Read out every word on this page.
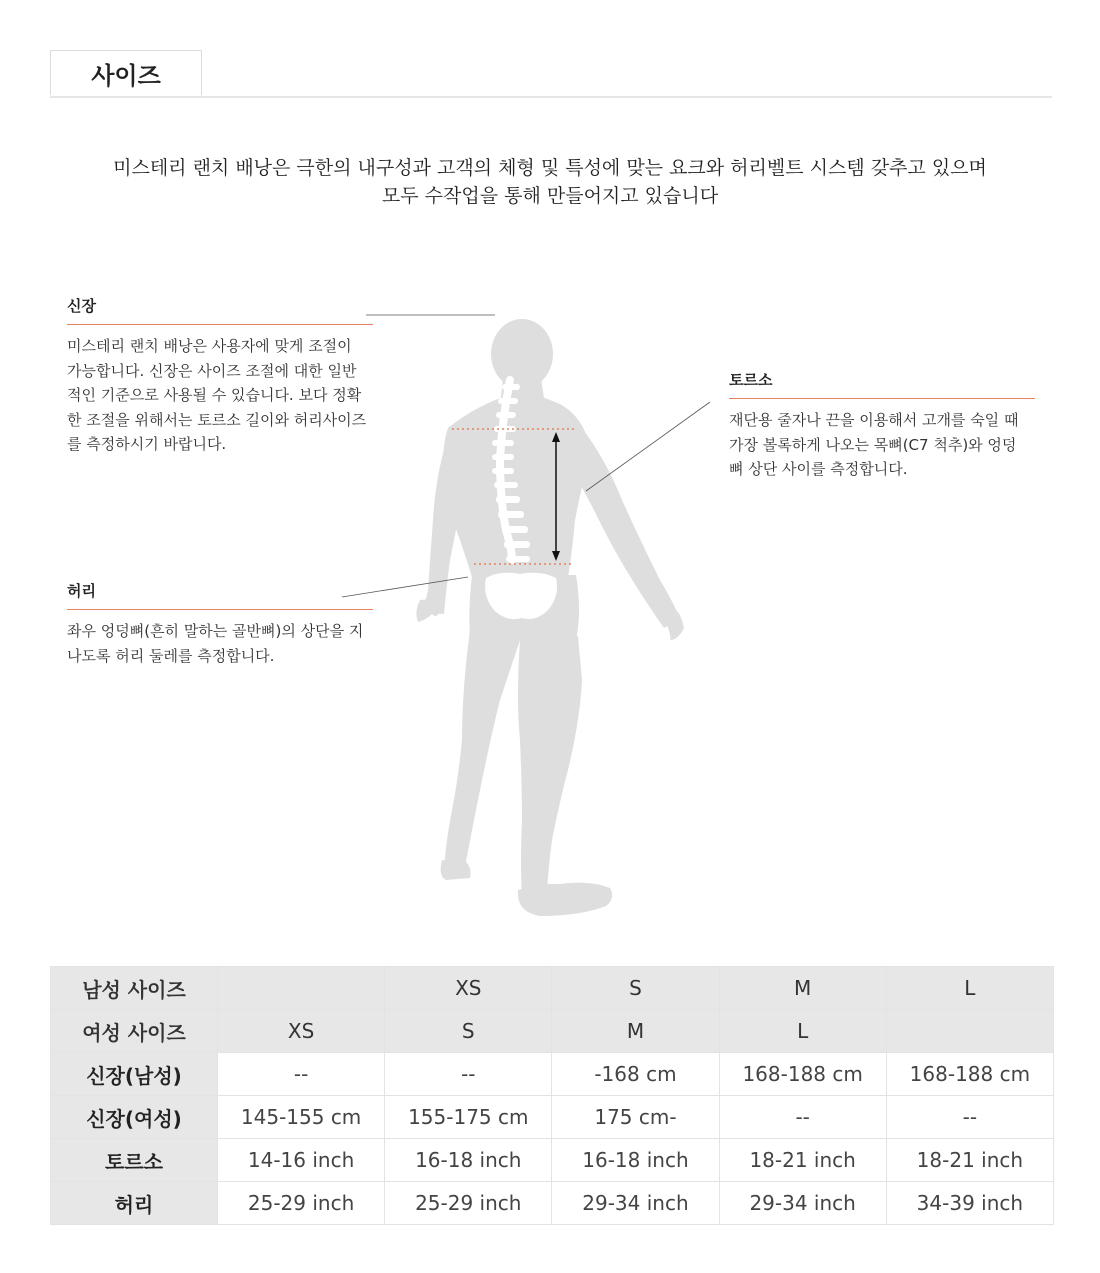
사이즈
미스테리 랜치 배낭은 극한의 내구성과 고객의 체형 및 특성에 맞는 요크와 허리벨트 시스템 갖추고 있으며
모두 수작업을 통해 만들어지고 있습니다
신장
미스테리 랜치 배낭은 사용자에 맞게 조절이
가능합니다. 신장은 사이즈 조절에 대한 일반
적인 기준으로 사용될 수 있습니다. 보다 정확
한 조절을 위해서는 토르소 길이와 허리사이즈
를 측정하시기 바랍니다.
토르소
재단용 줄자나 끈을 이용해서 고개를 숙일 때
가장 볼록하게 나오는 목뼈(C7 척추)와 엉덩
뼈 상단 사이를 측정합니다.
허리
좌우 엉덩뼈(흔히 말하는 골반뼈)의 상단을 지
나도록 허리 둘레를 측정합니다.
남성 사이즈		XS	S	M	L
여성 사이즈	XS	S	M	L	
신장(남성)	--	--	-168 cm	168-188 cm	168-188 cm
신장(여성)	145-155 cm	155-175 cm	175 cm-	--	--
토르소	14-16 inch	16-18 inch	16-18 inch	18-21 inch	18-21 inch
허리	25-29 inch	25-29 inch	29-34 inch	29-34 inch	34-39 inch
